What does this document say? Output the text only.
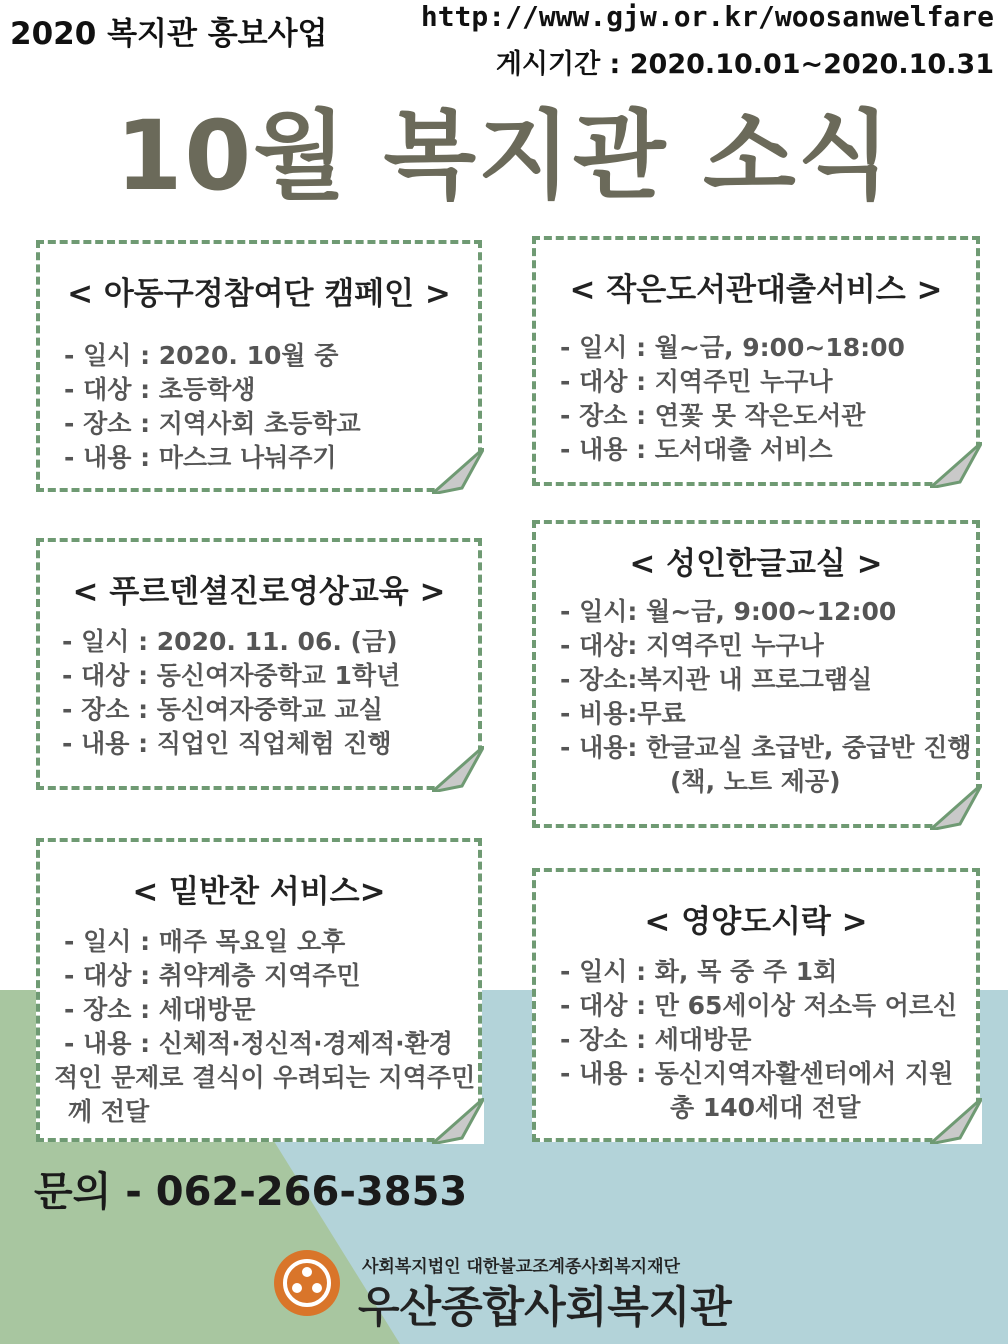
2020 복지관 홍보사업	http://www.gjw.or.kr/woosanwelfare
게시기간 : 2020.10.01~2020.10.31
10월 복지관 소식
< 아동구정참여단 캠페인 >
- 일시 : 2020. 10월 중
- 대상 : 초등학생
- 장소 : 지역사회 초등학교
- 내용 : 마스크 나눠주기
< 작은도서관대출서비스 >
- 일시 : 월~금, 9:00~18:00
- 대상 : 지역주민 누구나
- 장소 : 연꽃 못 작은도서관
- 내용 : 도서대출 서비스
< 푸르덴셜진로영상교육 >
- 일시 : 2020. 11. 06. (금)
- 대상 : 동신여자중학교 1학년
- 장소 : 동신여자중학교 교실
- 내용 : 직업인 직업체험 진행
< 성인한글교실 >
- 일시: 월~금, 9:00~12:00
- 대상: 지역주민 누구나
- 장소:복지관 내 프로그램실
- 비용:무료
- 내용: 한글교실 초급반, 중급반 진행
(책, 노트 제공)
< 밑반찬 서비스>
- 일시 : 매주 목요일 오후
- 대상 : 취약계층 지역주민
- 장소 : 세대방문
- 내용 : 신체적·정신적·경제적·환경
적인 문제로 결식이 우려되는 지역주민
께 전달
< 영양도시락 >
- 일시 : 화, 목 중 주 1회
- 대상 : 만 65세이상 저소득 어르신
- 장소 : 세대방문
- 내용 : 동신지역자활센터에서 지원
총 140세대 전달
문의 - 062-266-3853
사회복지법인 대한불교조계종사회복지재단
우산종합사회복지관
